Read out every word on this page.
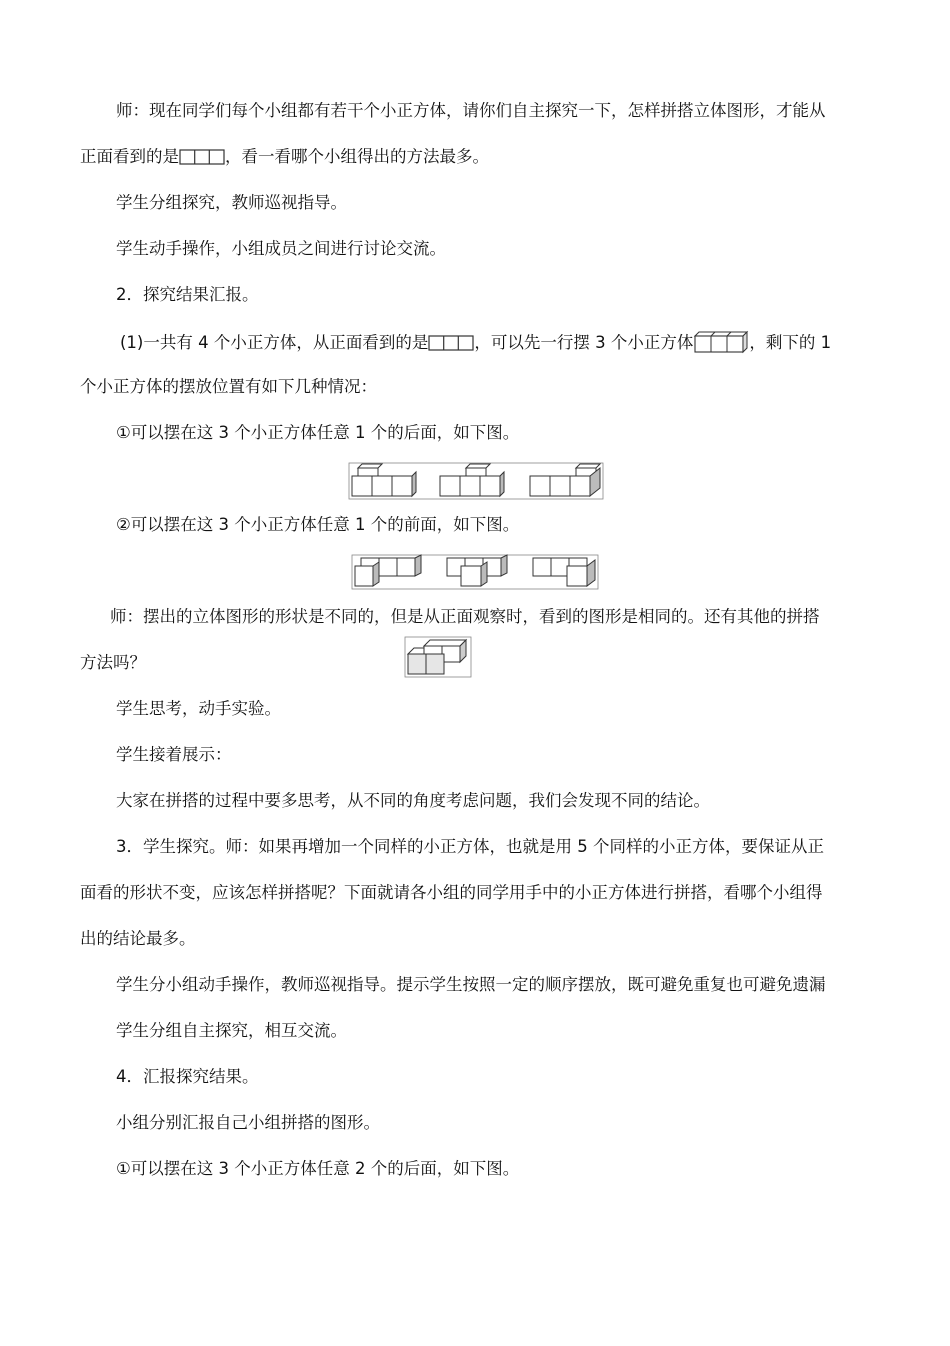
师：现在同学们每个小组都有若干个小正方体，请你们自主探究一下，怎样拼搭立体图形，才能从
正面看到的是	，看一看哪个小组得出的方法最多。
学生分组探究，教师巡视指导。
学生动手操作，小组成员之间进行讨论交流。
2．探究结果汇报。
(1)一共有 4 个小正方体，从正面看到的是	，可以先一行摆 3 个小正方体	，剩下的 1
个小正方体的摆放位置有如下几种情况：
①可以摆在这 3 个小正方体任意 1 个的后面，如下图。
②可以摆在这 3 个小正方体任意 1 个的前面，如下图。
师：摆出的立体图形的形状是不同的，但是从正面观察时，看到的图形是相同的。还有其他的拼搭
方法吗？
学生思考，动手实验。
学生接着展示：
大家在拼搭的过程中要多思考，从不同的角度考虑问题，我们会发现不同的结论。
3．学生探究。师：如果再增加一个同样的小正方体，也就是用 5 个同样的小正方体，要保证从正
面看的形状不变，应该怎样拼搭呢？下面就请各小组的同学用手中的小正方体进行拼搭，看哪个小组得
出的结论最多。
学生分小组动手操作，教师巡视指导。提示学生按照一定的顺序摆放，既可避免重复也可避免遗漏
学生分组自主探究，相互交流。
4．汇报探究结果。
小组分别汇报自己小组拼搭的图形。
①可以摆在这 3 个小正方体任意 2 个的后面，如下图。
